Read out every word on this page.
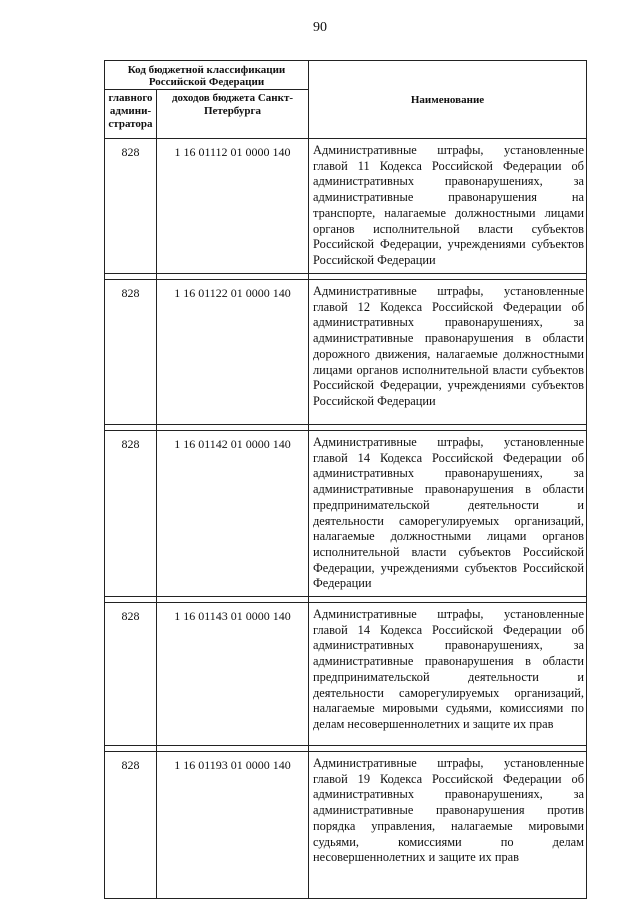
90
Код бюджетной классификации Российской Федерации		Наименование
главного админи-стратора	доходов бюджета Санкт-Петербурга	
828	1 16 01112 01 0000 140	Административные штрафы, установленные главой 11 Кодекса Российской Федерации об административных правонарушениях, за административные правонарушения на транспорте, налагаемые должностными лицами органов исполнительной власти субъектов Российской Федерации, учреждениями субъектов Российской Федерации

828	1 16 01122 01 0000 140	Административные штрафы, установленные главой 12 Кодекса Российской Федерации об административных правонарушениях, за административные правонарушения в области дорожного движения, налагаемые должностными лицами органов исполнительной власти субъектов Российской Федерации, учреждениями субъектов Российской Федерации

828	1 16 01142 01 0000 140	Административные штрафы, установленные главой 14 Кодекса Российской Федерации об административных правонарушениях, за административные правонарушения в области предпринимательской деятельности и деятельности саморегулируемых организаций, налагаемые должностными лицами органов исполнительной власти субъектов Российской Федерации, учреждениями субъектов Российской Федерации

828	1 16 01143 01 0000 140	Административные штрафы, установленные главой 14 Кодекса Российской Федерации об административных правонарушениях, за административные правонарушения в области предпринимательской деятельности и деятельности саморегулируемых организаций, налагаемые мировыми судьями, комиссиями по делам несовершеннолетних и защите их прав

828	1 16 01193 01 0000 140	Административные штрафы, установленные главой 19 Кодекса Российской Федерации об административных правонарушениях, за административные правонарушения против порядка управления, налагаемые мировыми судьями, комиссиями по делам несовершеннолетних и защите их прав
